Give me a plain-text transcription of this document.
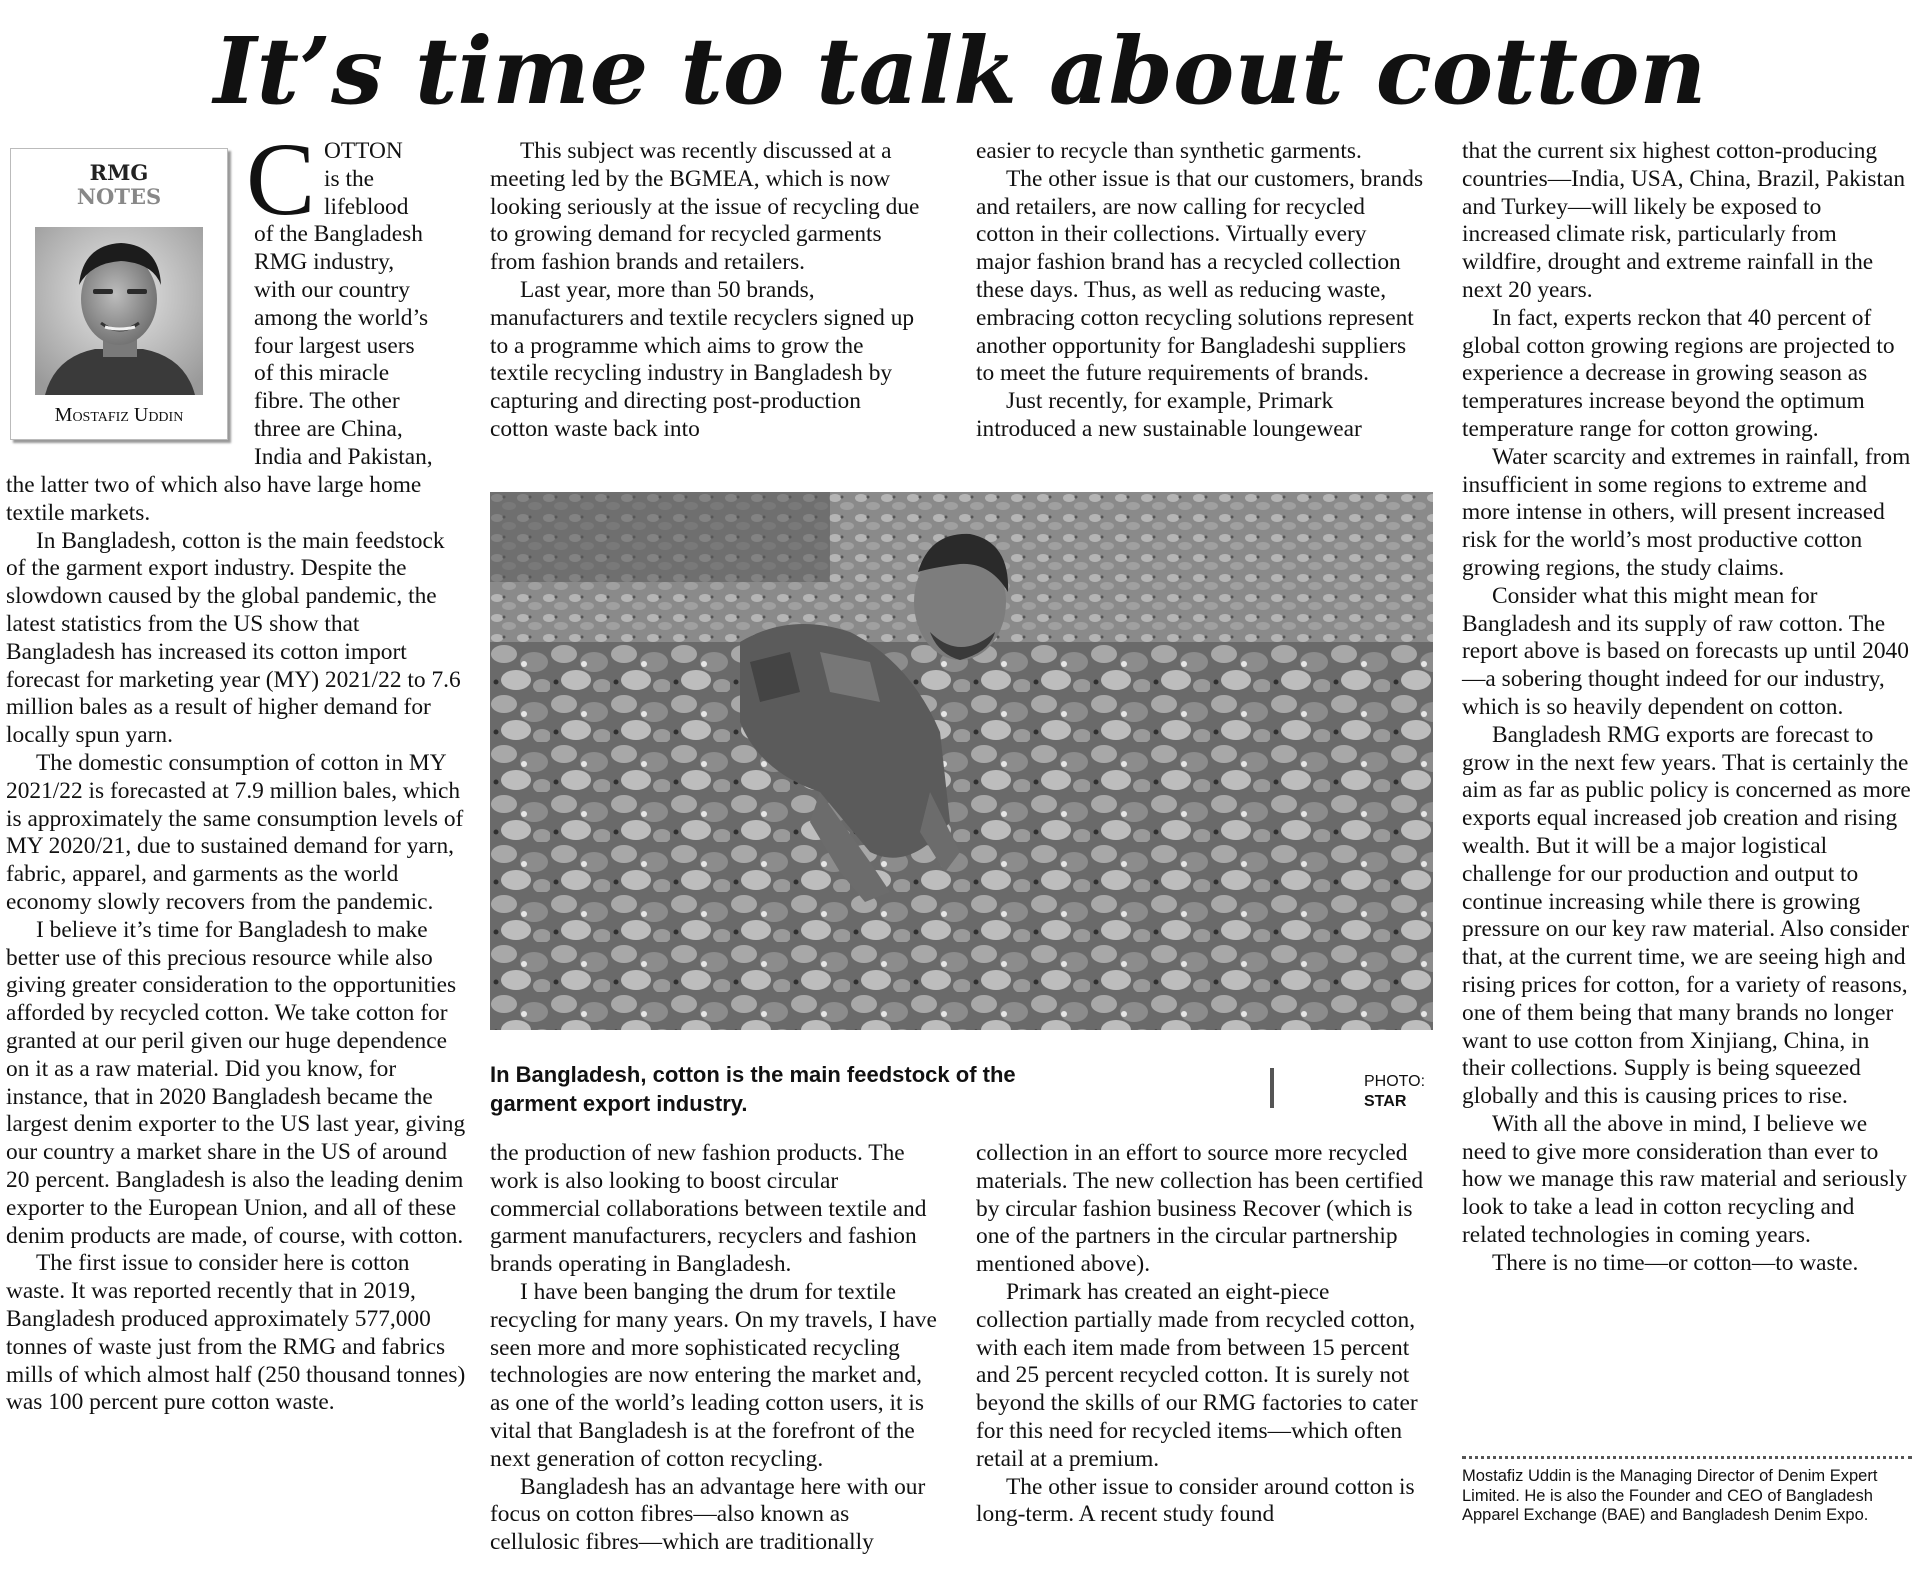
It’s time to talk about cotton
RMG
NOTES
Mostafiz Uddin
C OTTON
is the
lifeblood
of the Bangladesh
RMG industry,
with our country
among the world’s
four largest users
of this miracle
fibre. The other
three are China,
India and Pakistan,

the latter two of which also have large home textile markets.

In Bangladesh, cotton is the main feedstock of the garment export industry. Despite the slowdown caused by the global pandemic, the latest statistics from the US show that Bangladesh has increased its cotton import forecast for marketing year (MY) 2021/22 to 7.6 million bales as a result of higher demand for locally spun yarn.

The domestic consumption of cotton in MY 2021/22 is forecasted at 7.9 million bales, which is approximately the same consumption levels of MY 2020/21, due to sustained demand for yarn, fabric, apparel, and garments as the world economy slowly recovers from the pandemic.

I believe it’s time for Bangladesh to make better use of this precious resource while also giving greater consideration to the opportunities afforded by recycled cotton. We take cotton for granted at our peril given our huge dependence on it as a raw material. Did you know, for instance, that in 2020 Bangladesh became the largest denim exporter to the US last year, giving our country a market share in the US of around 20 percent. Bangladesh is also the leading denim exporter to the European Union, and all of these denim products are made, of course, with cotton.

The first issue to consider here is cotton waste. It was reported recently that in 2019, Bangladesh produced approximately 577,000 tonnes of waste just from the RMG and fabrics mills of which almost half (250 thousand tonnes) was 100 percent pure cotton waste.

This subject was recently discussed at a meeting led by the BGMEA, which is now looking seriously at the issue of recycling due to growing demand for recycled garments from fashion brands and retailers.

Last year, more than 50 brands, manufacturers and textile recyclers signed up to a programme which aims to grow the textile recycling industry in Bangladesh by capturing and directing post-production cotton waste back into

easier to recycle than synthetic garments.

The other issue is that our customers, brands and retailers, are now calling for recycled cotton in their collections. Virtually every major fashion brand has a recycled collection these days. Thus, as well as reducing waste, embracing cotton recycling solutions represent another opportunity for Bangladeshi suppliers to meet the future requirements of brands.

Just recently, for example, Primark introduced a new sustainable loungewear

In Bangladesh, cotton is the main feedstock of the garment export industry.
PHOTO:
STAR

the production of new fashion products. The work is also looking to boost circular commercial collaborations between textile and garment manufacturers, recyclers and fashion brands operating in Bangladesh.

I have been banging the drum for textile recycling for many years. On my travels, I have seen more and more sophisticated recycling technologies are now entering the market and, as one of the world’s leading cotton users, it is vital that Bangladesh is at the forefront of the next generation of cotton recycling.

Bangladesh has an advantage here with our focus on cotton fibres—also known as cellulosic fibres—which are traditionally

collection in an effort to source more recycled materials. The new collection has been certified by circular fashion business Recover (which is one of the partners in the circular partnership mentioned above).

Primark has created an eight-piece collection partially made from recycled cotton, with each item made from between 15 percent and 25 percent recycled cotton. It is surely not beyond the skills of our RMG factories to cater for this need for recycled items—which often retail at a premium.

The other issue to consider around cotton is long-term. A recent study found

that the current six highest cotton-producing countries—India, USA, China, Brazil, Pakistan and Turkey—will likely be exposed to increased climate risk, particularly from wildfire, drought and extreme rainfall in the next 20 years.

In fact, experts reckon that 40 percent of global cotton growing regions are projected to experience a decrease in growing season as temperatures increase beyond the optimum temperature range for cotton growing.

Water scarcity and extremes in rainfall, from insufficient in some regions to extreme and more intense in others, will present increased risk for the world’s most productive cotton growing regions, the study claims.

Consider what this might mean for Bangladesh and its supply of raw cotton. The report above is based on forecasts up until 2040—a sobering thought indeed for our industry, which is so heavily dependent on cotton.

Bangladesh RMG exports are forecast to grow in the next few years. That is certainly the aim as far as public policy is concerned as more exports equal increased job creation and rising wealth. But it will be a major logistical challenge for our production and output to continue increasing while there is growing pressure on our key raw material. Also consider that, at the current time, we are seeing high and rising prices for cotton, for a variety of reasons, one of them being that many brands no longer want to use cotton from Xinjiang, China, in their collections. Supply is being squeezed globally and this is causing prices to rise.

With all the above in mind, I believe we need to give more consideration than ever to how we manage this raw material and seriously look to take a lead in cotton recycling and related technologies in coming years.

There is no time—or cotton—to waste.

Mostafiz Uddin is the Managing Director of Denim Expert Limited. He is also the Founder and CEO of Bangladesh Apparel Exchange (BAE) and Bangladesh Denim Expo.
